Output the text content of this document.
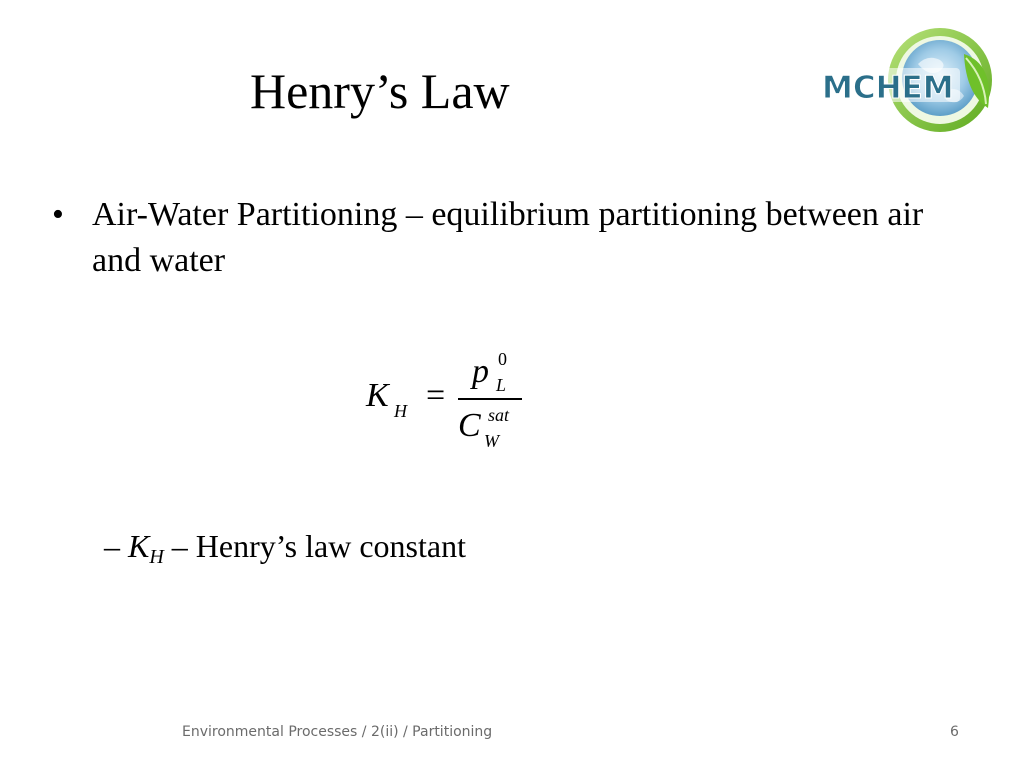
Henry’s Law	MCHEM
• Air-Water Partitioning – equilibrium partitioning between air and water
K H =
p 0
L
C sat
W
– $K_H$ – Henry’s law constant
Environmental Processes / 2(ii) / Partitioning	6
